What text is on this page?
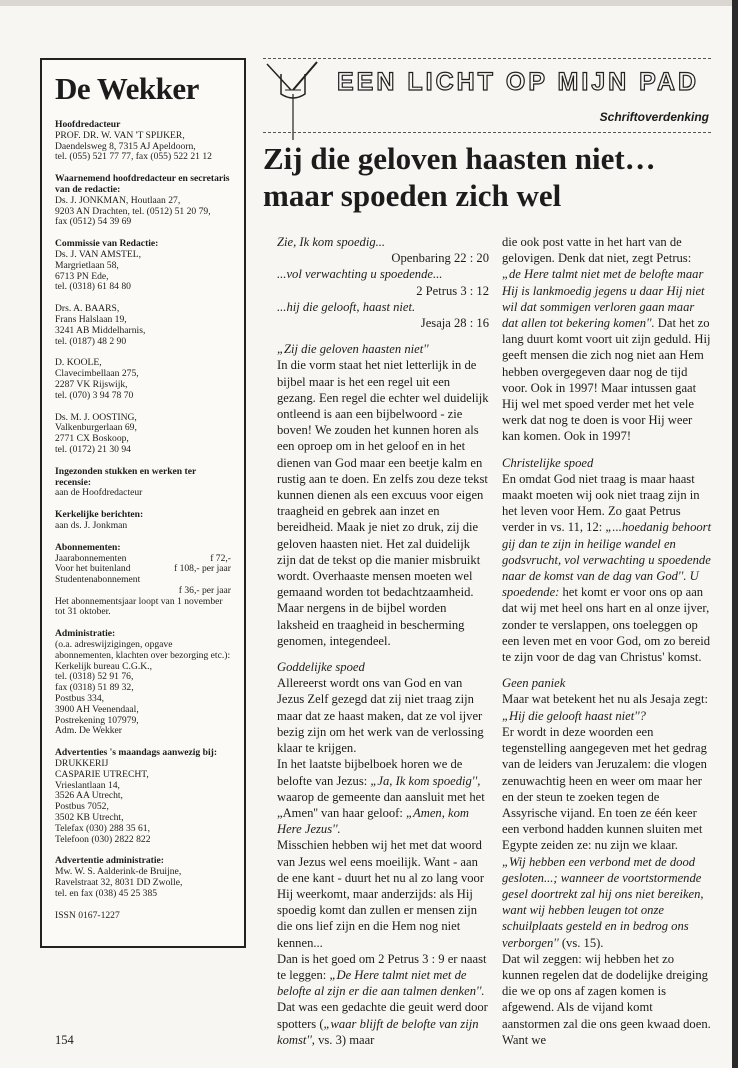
De Wekker
Hoofdredacteur
PROF. DR. W. VAN 'T SPIJKER,
Daendelsweg 8, 7315 AJ Apeldoorn,
tel. (055) 521 77 77, fax (055) 522 21 12
Waarnemend hoofdredacteur en secretaris van de redactie:
Ds. J. JONKMAN, Houtlaan 27,
9203 AN Drachten, tel. (0512) 51 20 79,
fax (0512) 54 39 69
Commissie van Redactie:
Ds. J. VAN AMSTEL,
Margrietlaan 58,
6713 PN Ede,
tel. (0318) 61 84 80
Drs. A. BAARS,
Frans Halslaan 19,
3241 AB Middelharnis,
tel. (0187) 48 2 90
D. KOOLE,
Clavecimbellaan 275,
2287 VK Rijswijk,
tel. (070) 3 94 78 70
Ds. M. J. OOSTING,
Valkenburgerlaan 69,
2771 CX Boskoop,
tel. (0172) 21 30 94
Ingezonden stukken en werken ter recensie:
aan de Hoofdredacteur
Kerkelijke berichten:
aan ds. J. Jonkman
Abonnementen:
Jaarabonnementen	f 72,-
Voor het buitenland	f 108,- per jaar
Studentenabonnement
f 36,- per jaar
Het abonnementsjaar loopt van 1 november tot 31 oktober.
Administratie:
(o.a. adreswijzigingen, opgave abonnementen, klachten over bezorging etc.):
Kerkelijk bureau C.G.K.,
tel. (0318) 52 91 76,
fax (0318) 51 89 32,
Postbus 334,
3900 AH Veenendaal,
Postrekening 107979,
Adm. De Wekker
Advertenties 's maandags aanwezig bij:
DRUKKERIJ
CASPARIE UTRECHT,
Vrieslantlaan 14,
3526 AA Utrecht,
Postbus 7052,
3502 KB Utrecht,
Telefax (030) 288 35 61,
Telefoon (030) 2822 822
Advertentie administratie:
Mw. W. S. Aalderink-de Bruijne,
Ravelstraat 32, 8031 DD Zwolle,
tel. en fax (038) 45 25 385
ISSN 0167-1227
EEN LICHT OP MIJN PAD
Schriftoverdenking
Zij die geloven haasten niet… maar spoeden zich wel
Zie, Ik kom spoedig...
Openbaring 22 : 20
...vol verwachting u spoedende...
2 Petrus 3 : 12
...hij die gelooft, haast niet.
Jesaja 28 : 16
„Zij die geloven haasten niet''
In die vorm staat het niet letterlijk in de bijbel maar is het een regel uit een gezang. Een regel die echter wel duidelijk ontleend is aan een bijbelwoord - zie boven! We zouden het kunnen horen als een oproep om in het geloof en in het dienen van God maar een beetje kalm en rustig aan te doen. En zelfs zou deze tekst kunnen dienen als een excuus voor eigen traagheid en gebrek aan inzet en bereidheid. Maak je niet zo druk, zij die geloven haasten niet. Het zal duidelijk zijn dat de tekst op die manier misbruikt wordt. Overhaaste mensen moeten wel gemaand worden tot bedachtzaamheid. Maar nergens in de bijbel worden laksheid en traagheid in bescherming genomen, integendeel.
Goddelijke spoed
Allereerst wordt ons van God en van Jezus Zelf gezegd dat zij niet traag zijn maar dat ze haast maken, dat ze vol ijver bezig zijn om het werk van de verlossing klaar te krijgen.
In het laatste bijbelboek horen we de belofte van Jezus: „Ja, Ik kom spoedig'', waarop de gemeente dan aansluit met het „Amen'' van haar geloof: „Amen, kom Here Jezus''.
Misschien hebben wij het met dat woord van Jezus wel eens moeilijk. Want - aan de ene kant - duurt het nu al zo lang voor Hij weerkomt, maar anderzijds: als Hij spoedig komt dan zullen er mensen zijn die ons lief zijn en die Hem nog niet kennen...
Dan is het goed om 2 Petrus 3 : 9 er naast te leggen: „De Here talmt niet met de belofte al zijn er die aan talmen denken''. Dat was een gedachte die geuit werd door spotters („waar blijft de belofte van zijn komst'', vs. 3) maar
die ook post vatte in het hart van de gelovigen. Denk dat niet, zegt Petrus: „de Here talmt niet met de belofte maar Hij is lankmoedig jegens u daar Hij niet wil dat sommigen verloren gaan maar dat allen tot bekering komen''. Dat het zo lang duurt komt voort uit zijn geduld. Hij geeft mensen die zich nog niet aan Hem hebben overgegeven daar nog de tijd voor. Ook in 1997! Maar intussen gaat Hij wel met spoed verder met het vele werk dat nog te doen is voor Hij weer kan komen. Ook in 1997!
Christelijke spoed
En omdat God niet traag is maar haast maakt moeten wij ook niet traag zijn in het leven voor Hem. Zo gaat Petrus verder in vs. 11, 12: „...hoedanig behoort gij dan te zijn in heilige wandel en godsvrucht, vol verwachting u spoedende naar de komst van de dag van God''. U spoedende: het komt er voor ons op aan dat wij met heel ons hart en al onze ijver, zonder te verslappen, ons toeleggen op een leven met en voor God, om zo bereid te zijn voor de dag van Christus' komst.
Geen paniek
Maar wat betekent het nu als Jesaja zegt: „Hij die gelooft haast niet''?
Er wordt in deze woorden een tegenstelling aangegeven met het gedrag van de leiders van Jeruzalem: die vlogen zenuwachtig heen en weer om maar her en der steun te zoeken tegen de Assyrische vijand. En toen ze één keer een verbond hadden kunnen sluiten met Egypte zeiden ze: nu zijn we klaar.
„Wij hebben een verbond met de dood gesloten...; wanneer de voortstormende gesel doortrekt zal hij ons niet bereiken, want wij hebben leugen tot onze schuilplaats gesteld en in bedrog ons verborgen'' (vs. 15).
Dat wil zeggen: wij hebben het zo kunnen regelen dat de dodelijke dreiging die we op ons af zagen komen is afgewend. Als de vijand komt aanstormen zal die ons geen kwaad doen. Want we
154
